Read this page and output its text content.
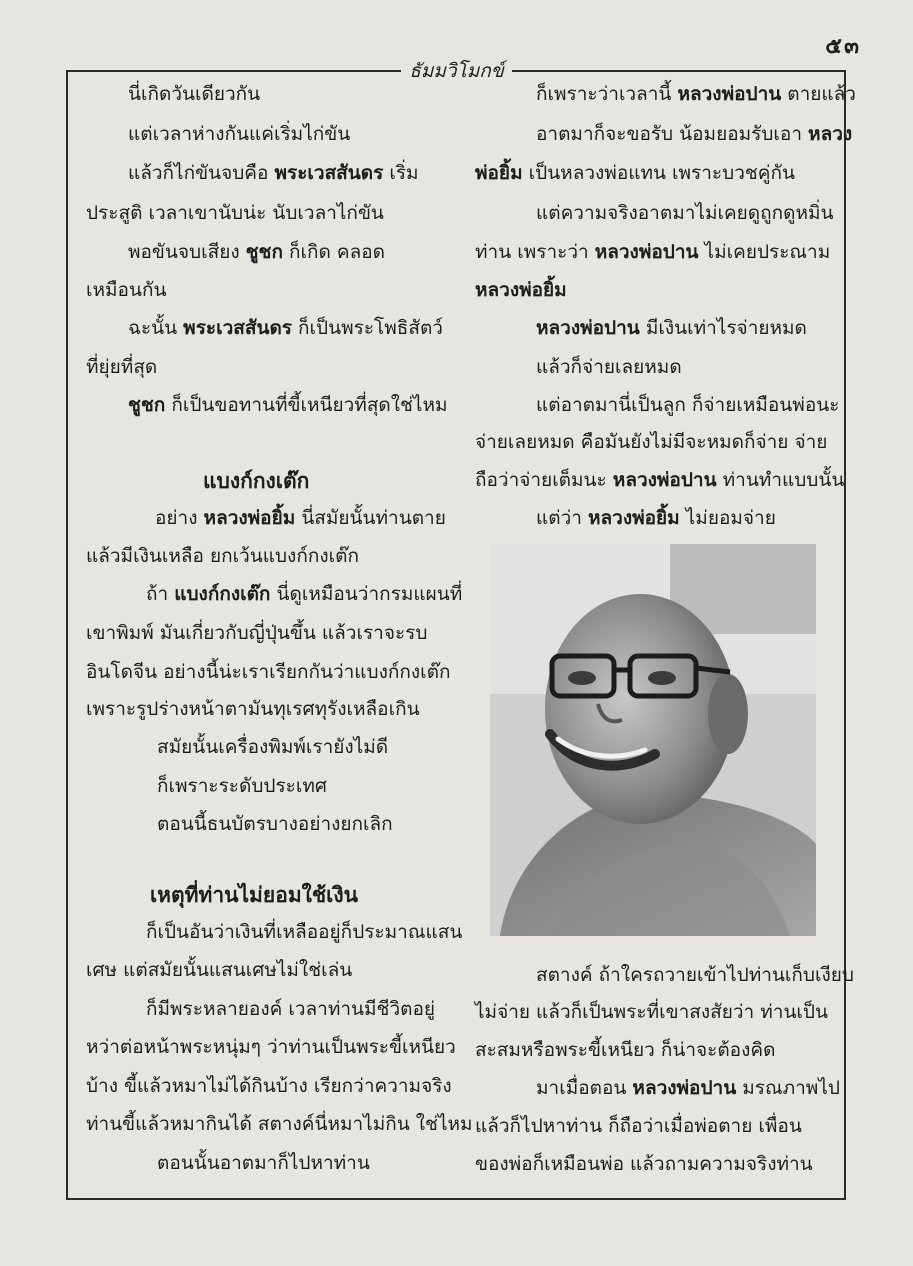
๕๓
ธัมมวิโมกข์
นี่เกิดวันเดียวกัน
แต่เวลาห่างกันแค่เริ่มไก่ขัน
แล้วก็ไก่ขันจบคือ พระเวสสันดร เริ่ม
ประสูติ เวลาเขานับน่ะ นับเวลาไก่ขัน
พอขันจบเสียง ชูชก ก็เกิด คลอด
เหมือนกัน
ฉะนั้น พระเวสสันดร ก็เป็นพระโพธิสัตว์
ที่ยุ่ยที่สุด
ชูชก ก็เป็นขอทานที่ขี้เหนียวที่สุดใช่ไหม
แบงก์กงเต๊ก
อย่าง หลวงพ่อยิ้ม นี่สมัยนั้นท่านตาย
แล้วมีเงินเหลือ ยกเว้นแบงก์กงเต๊ก
ถ้า แบงก์กงเต๊ก นี่ดูเหมือนว่ากรมแผนที่
เขาพิมพ์ มันเกี่ยวกับญี่ปุ่นขึ้น แล้วเราจะรบ
อินโดจีน อย่างนี้น่ะเราเรียกกันว่าแบงก์กงเต๊ก
เพราะรูปร่างหน้าตามันทุเรศทุรังเหลือเกิน
สมัยนั้นเครื่องพิมพ์เรายังไม่ดี
ก็เพราะระดับประเทศ
ตอนนี้ธนบัตรบางอย่างยกเลิก
เหตุที่ท่านไม่ยอมใช้เงิน
ก็เป็นอันว่าเงินที่เหลืออยู่ก็ประมาณแสน
เศษ แต่สมัยนั้นแสนเศษไม่ใช่เล่น
ก็มีพระหลายองค์ เวลาท่านมีชีวิตอยู่
หว่าต่อหน้าพระหนุ่มๆ ว่าท่านเป็นพระขี้เหนียว
บ้าง ขี้แล้วหมาไม่ได้กินบ้าง เรียกว่าความจริง
ท่านขี้แล้วหมากินได้ สตางค์นี่หมาไม่กิน ใช่ไหม
ตอนนั้นอาตมาก็ไปหาท่าน
ก็เพราะว่าเวลานี้ หลวงพ่อปาน ตายแล้ว
อาตมาก็จะขอรับ น้อมยอมรับเอา หลวง
พ่อยิ้ม เป็นหลวงพ่อแทน เพราะบวชคู่กัน
แต่ความจริงอาตมาไม่เคยดูถูกดูหมิ่น
ท่าน เพราะว่า หลวงพ่อปาน ไม่เคยประณาม
หลวงพ่อยิ้ม
หลวงพ่อปาน มีเงินเท่าไรจ่ายหมด
แล้วก็จ่ายเลยหมด
แต่อาตมานี่เป็นลูก ก็จ่ายเหมือนพ่อนะ
จ่ายเลยหมด คือมันยังไม่มีจะหมดก็จ่าย จ่าย
ถือว่าจ่ายเต็มนะ หลวงพ่อปาน ท่านทำแบบนั้น
แต่ว่า หลวงพ่อยิ้ม ไม่ยอมจ่าย
สตางค์ ถ้าใครถวายเข้าไปท่านเก็บเงียบ
ไม่จ่าย แล้วก็เป็นพระที่เขาสงสัยว่า ท่านเป็น
สะสมหรือพระขี้เหนียว ก็น่าจะต้องคิด
มาเมื่อตอน หลวงพ่อปาน มรณภาพไป
แล้วก็ไปหาท่าน ก็ถือว่าเมื่อพ่อตาย เพื่อน
ของพ่อก็เหมือนพ่อ แล้วถามความจริงท่าน
